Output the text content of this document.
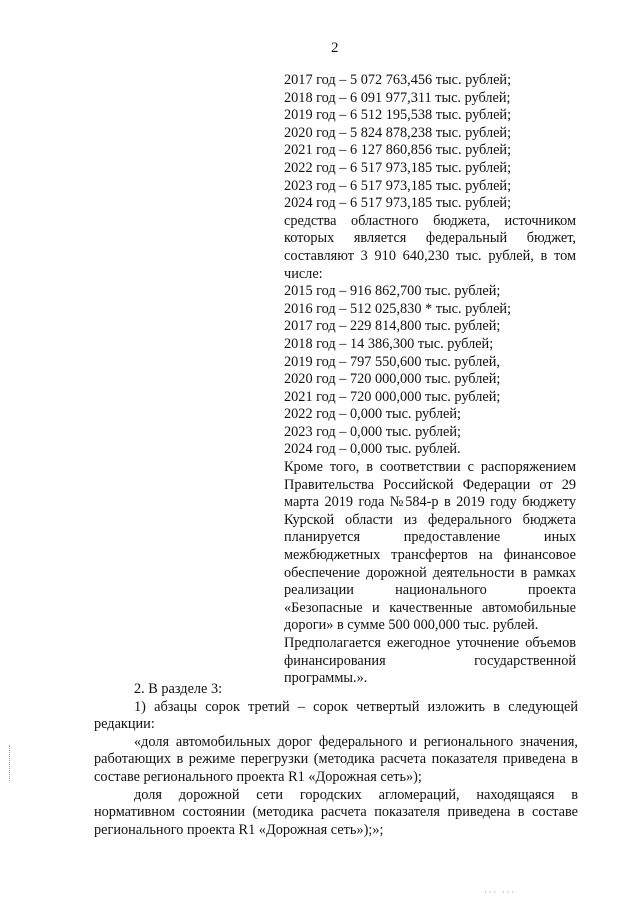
2
2017 год – 5 072 763,456 тыс. рублей;
2018 год – 6 091 977,311 тыс. рублей;
2019 год – 6 512 195,538 тыс. рублей;
2020 год – 5 824 878,238 тыс. рублей;
2021 год – 6 127 860,856 тыс. рублей;
2022 год – 6 517 973,185 тыс. рублей;
2023 год – 6 517 973,185 тыс. рублей;
2024 год – 6 517 973,185 тыс. рублей;
средства областного бюджета, источником которых является федеральный бюджет, составляют 3 910 640,230 тыс. рублей, в том числе:
2015 год – 916 862,700 тыс. рублей;
2016 год – 512 025,830 * тыс. рублей;
2017 год – 229 814,800 тыс. рублей;
2018 год – 14 386,300 тыс. рублей;
2019 год – 797 550,600 тыс. рублей,
2020 год – 720 000,000 тыс. рублей;
2021 год – 720 000,000 тыс. рублей;
2022 год – 0,000 тыс. рублей;
2023 год – 0,000 тыс. рублей;
2024 год – 0,000 тыс. рублей.
Кроме того, в соответствии с распоряжением Правительства Российской Федерации от 29 марта 2019 года №584-р в 2019 году бюджету Курской области из федерального бюджета планируется предоставление иных межбюджетных трансфертов на финансовое обеспечение дорожной деятельности в рамках реализации национального проекта «Безопасные и качественные автомобильные дороги» в сумме 500 000,000 тыс. рублей.
Предполагается ежегодное уточнение объемов финансирования государственной программы.».
2. В разделе 3:
1) абзацы сорок третий – сорок четвертый изложить в следующей редакции:
«доля автомобильных дорог федерального и регионального значения, работающих в режиме перегрузки (методика расчета показателя приведена в составе регионального проекта R1 «Дорожная сеть»);
доля дорожной сети городских агломераций, находящаяся в нормативном состоянии (методика расчета показателя приведена в составе регионального проекта R1 «Дорожная сеть»);»;
··· ···
